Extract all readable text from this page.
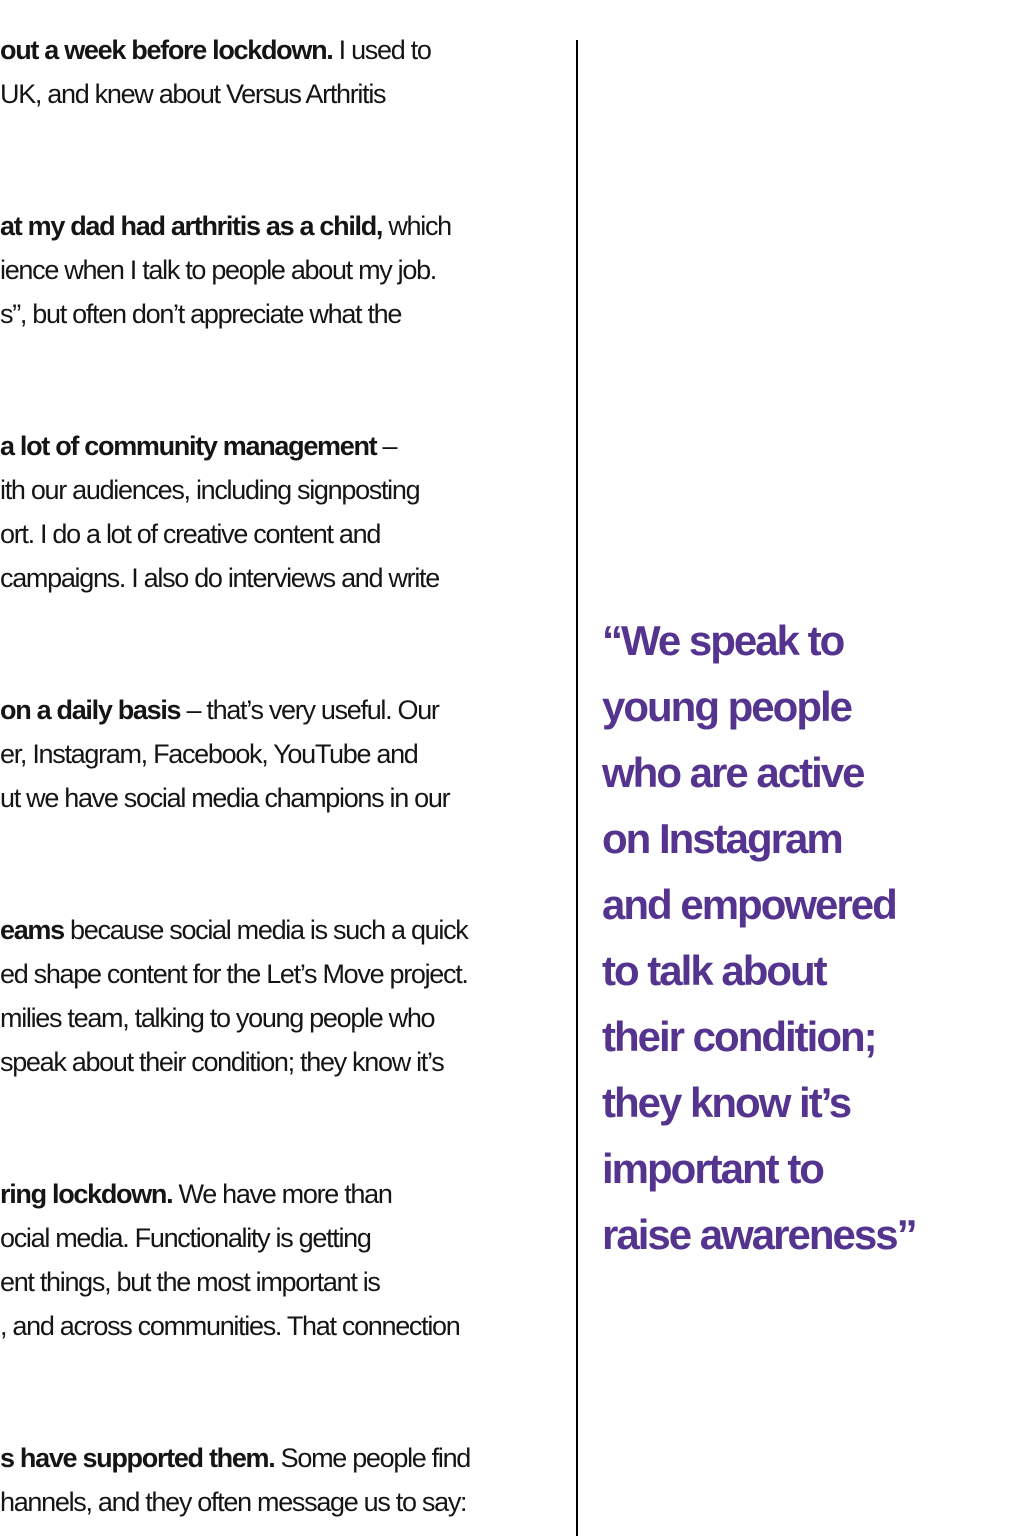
out a week before lockdown. I used to
UK, and knew about Versus Arthritis

at my dad had arthritis as a child, which
ience when I talk to people about my job.
s”, but often don’t appreciate what the

a lot of community management –
ith our audiences, including signposting
ort. I do a lot of creative content and
campaigns. I also do interviews and write

on a daily basis – that’s very useful. Our
er, Instagram, Facebook, YouTube and
ut we have social media champions in our

eams because social media is such a quick
ed shape content for the Let’s Move project.
milies team, talking to young people who
speak about their condition; they know it’s

ring lockdown. We have more than
ocial media. Functionality is getting
ent things, but the most important is
, and across communities. That connection

s have supported them. Some people find
hannels, and they often message us to say:

“We speak to
young people
who are active
on Instagram
and empowered
to talk about
their condition;
they know it’s
important to
raise awareness”
